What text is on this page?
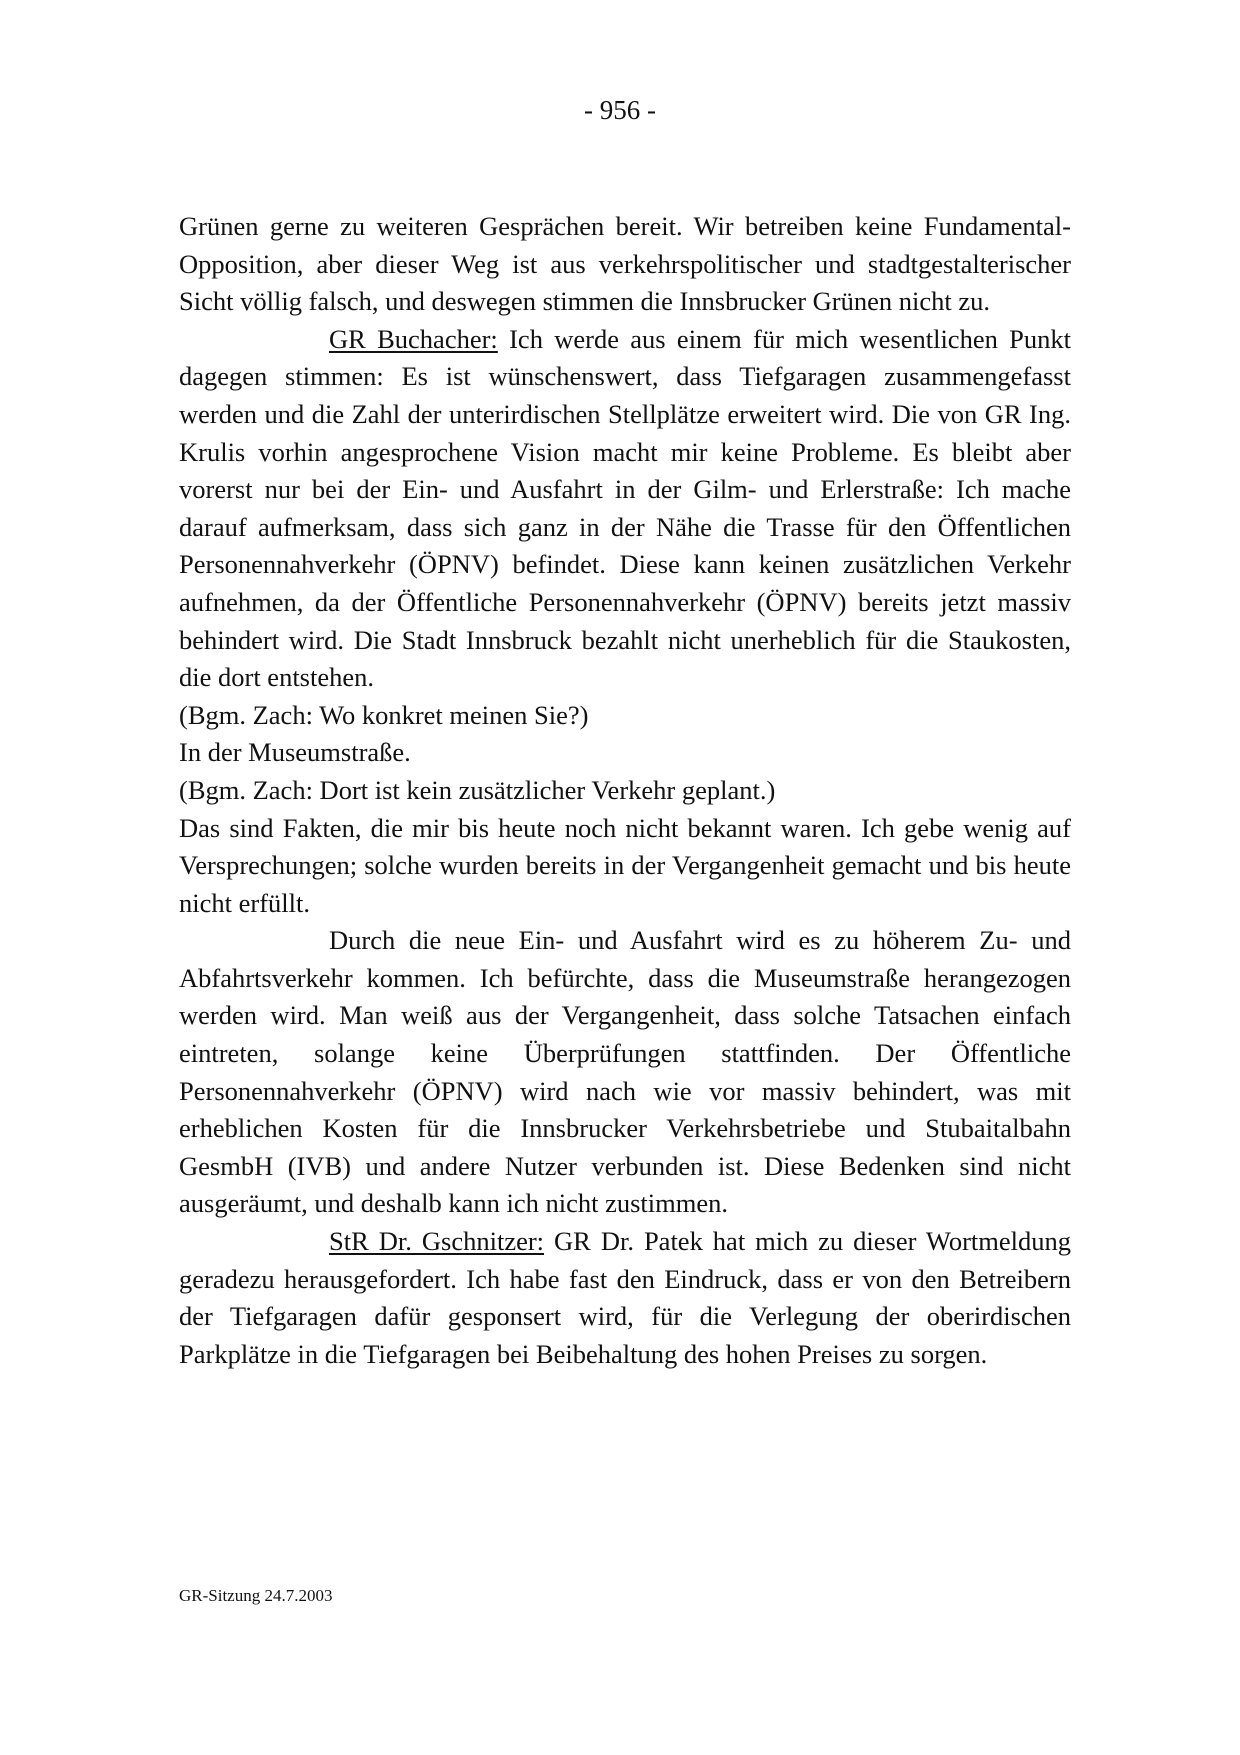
- 956 -

Grünen gerne zu weiteren Gesprächen bereit. Wir betreiben keine Fundamental-Opposition, aber dieser Weg ist aus verkehrspolitischer und stadtgestalterischer Sicht völlig falsch, und deswegen stimmen die Innsbrucker Grünen nicht zu.

GR Buchacher: Ich werde aus einem für mich wesentlichen Punkt dagegen stimmen: Es ist wünschenswert, dass Tiefgaragen zusammengefasst werden und die Zahl der unterirdischen Stellplätze erweitert wird. Die von GR Ing. Krulis vorhin angesprochene Vision macht mir keine Probleme. Es bleibt aber vorerst nur bei der Ein- und Ausfahrt in der Gilm- und Erlerstraße: Ich mache darauf aufmerksam, dass sich ganz in der Nähe die Trasse für den Öffentlichen Personennahverkehr (ÖPNV) befindet. Diese kann keinen zusätzlichen Verkehr aufnehmen, da der Öffentliche Personennahverkehr (ÖPNV) bereits jetzt massiv behindert wird. Die Stadt Innsbruck bezahlt nicht unerheblich für die Staukosten, die dort entstehen.

(Bgm. Zach: Wo konkret meinen Sie?)

In der Museumstraße.

(Bgm. Zach: Dort ist kein zusätzlicher Verkehr geplant.)

Das sind Fakten, die mir bis heute noch nicht bekannt waren. Ich gebe wenig auf Versprechungen; solche wurden bereits in der Vergangenheit gemacht und bis heute nicht erfüllt.

Durch die neue Ein- und Ausfahrt wird es zu höherem Zu- und Abfahrtsverkehr kommen. Ich befürchte, dass die Museumstraße herangezogen werden wird. Man weiß aus der Vergangenheit, dass solche Tatsachen einfach eintreten, solange keine Überprüfungen stattfinden. Der Öffentliche Personennahverkehr (ÖPNV) wird nach wie vor massiv behindert, was mit erheblichen Kosten für die Innsbrucker Verkehrsbetriebe und Stubaitalbahn GesmbH (IVB) und andere Nutzer verbunden ist. Diese Bedenken sind nicht ausgeräumt, und deshalb kann ich nicht zustimmen.

StR Dr. Gschnitzer: GR Dr. Patek hat mich zu dieser Wortmeldung geradezu herausgefordert. Ich habe fast den Eindruck, dass er von den Betreibern der Tiefgaragen dafür gesponsert wird, für die Verlegung der oberirdischen Parkplätze in die Tiefgaragen bei Beibehaltung des hohen Preises zu sorgen.

GR-Sitzung 24.7.2003
